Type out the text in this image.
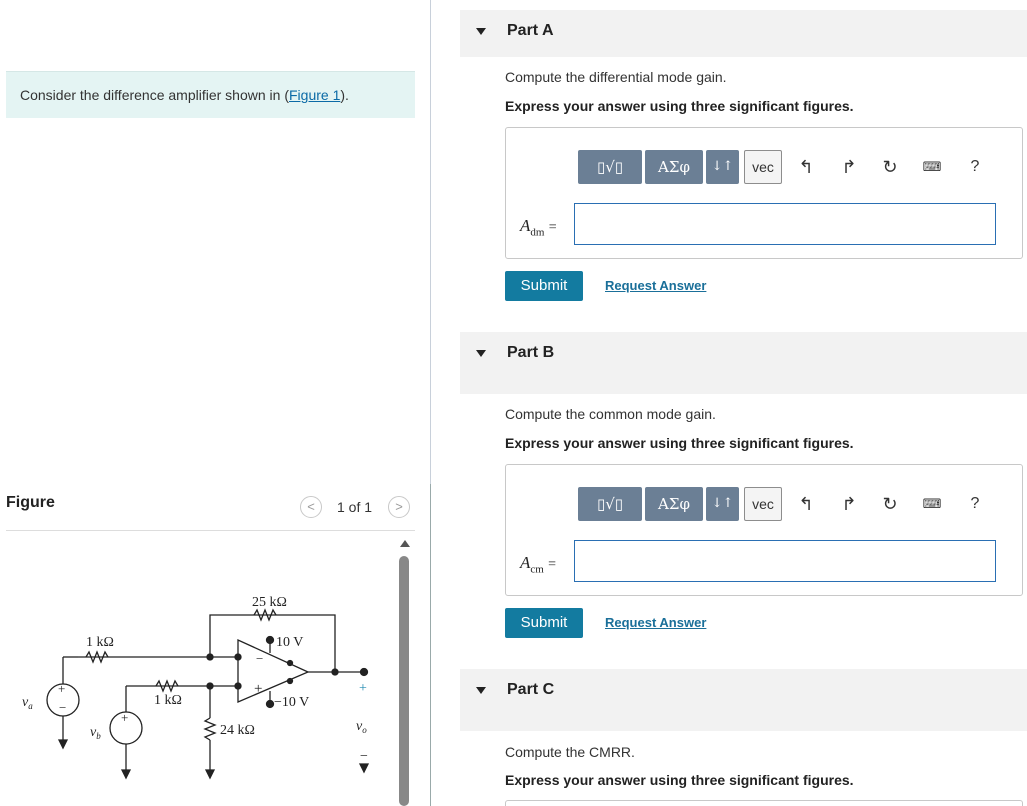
Consider the difference amplifier shown in (Figure 1).
Figure	<	1 of 1	>
25 kΩ
−
+
10 V
−10 V
1 kΩ
1 kΩ
24 kΩ
+
−
$v_a$
+
$v_b$
+
$v_o$
−
Part A
Compute the differential mode gain.
Express your answer using three significant figures.
▯√▯	ΑΣφ	↓↑	vec	↰ ↱ ↻ ⌨	?
$A_{dm}$ =
Submit	Request Answer
Part B
Compute the common mode gain.
Express your answer using three significant figures.
▯√▯	ΑΣφ	↓↑	vec	↰ ↱ ↻ ⌨	?
$A_{cm}$ =
Submit	Request Answer
Part C
Compute the CMRR.
Express your answer using three significant figures.
